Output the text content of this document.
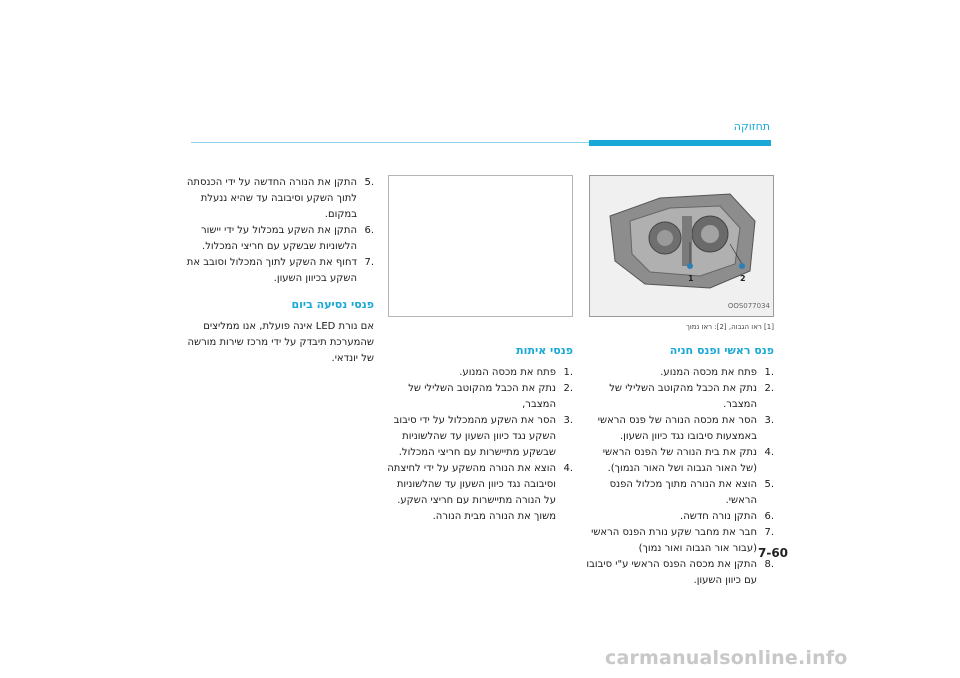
תחזוקה
1	2
OOS077034

[1] ראו הגבוה, [2]: ראו נמוך

פנס ראשי ופנס חניה
.1
פתח את מכסה המנוע.
.2
נתק את הכבל מהקוטב השלילי של המצבר.
.3
הסר את מכסה הנורה של פנס הראשי באמצעות סיבובו נגד כיוון השעון.
.4
נתק את בית הנורה של הפנס הראשי (של האור הגבוה ושל האור הנמוך).
.5
הוצא את הנורה מתוך מכלול הפנס הראשי.
.6
התקן נורה חדשה.
.7
חבר את מחבר שקע נורת הפנס הראשי (עבור אור הגבוה ואור נמוך)
.8
התקן את מכסה הפנס הראשי ע"י סיבובו עם כיוון השעון.
פנסי איתות
.1
פתח את מכסה המנוע.
.2
נתק את הכבל מהקוטב השלילי של המצבר,
.3
הסר את השקע מהמכלול על ידי סיבוב השקע נגד כיוון השעון עד שהלשוניות שבשקע מתיישרות עם חריצי המכלול.
.4
הוצא את הנורה מהשקע על ידי לחיצתה וסיבובה נגד כיוון השעון עד שהלשוניות על הנורה מתיישרות עם חריצי השקע. משוך את הנורה מבית הנורה.
.5
התקן את הנורה החדשה על ידי הכנסתה לתוך השקע וסיבובה עד שהיא ננעלת במקום.
.6
התקן את השקע במכלול על ידי יישור הלשוניות שבשקע עם חריצי המכלול.
.7
דחוף את השקע לתוך המכלול וסובב את השקע בכיוון השעון.
פנסי נסיעה ביום

אם נורת LED אינה פועלת, אנו ממליצים שהמערכת תיבדק על ידי מרכז שירות מורשה של יונדאי.

7-60
carmanualsonline.info
